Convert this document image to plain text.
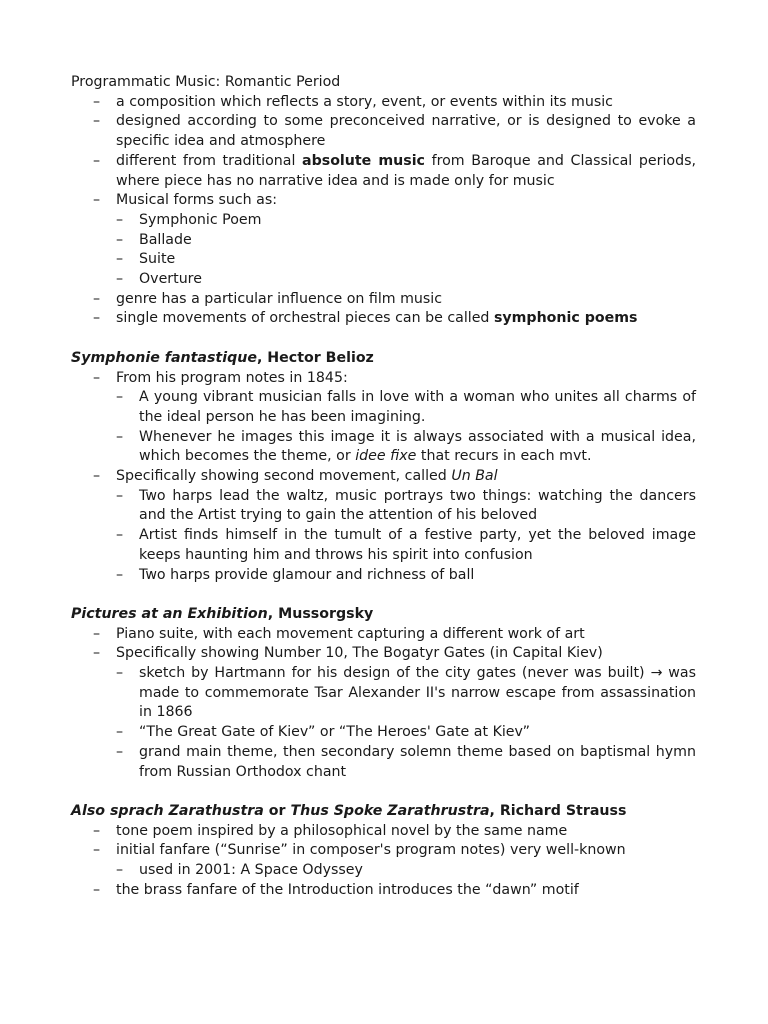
Programmatic Music: Romantic Period
– a composition which reflects a story, event, or events within its music
– designed according to some preconceived narrative, or is designed to evoke a specific idea and atmosphere
– different from traditional absolute music from Baroque and Classical periods, where piece has no narrative idea and is made only for music
– Musical forms such as:
– Symphonic Poem
– Ballade
– Suite
– Overture
– genre has a particular influence on film music
– single movements of orchestral pieces can be called symphonic poems
Symphonie fantastique, Hector Belioz
– From his program notes in 1845:
– A young vibrant musician falls in love with a woman who unites all charms of the ideal person he has been imagining.
– Whenever he images this image it is always associated with a musical idea, which becomes the theme, or idee fixe that recurs in each mvt.
– Specifically showing second movement, called Un Bal
– Two harps lead the waltz, music portrays two things: watching the dancers and the Artist trying to gain the attention of his beloved
– Artist finds himself in the tumult of a festive party, yet the beloved image keeps haunting him and throws his spirit into confusion
– Two harps provide glamour and richness of ball
Pictures at an Exhibition, Mussorgsky
– Piano suite, with each movement capturing a different work of art
– Specifically showing Number 10, The Bogatyr Gates (in Capital Kiev)
– sketch by Hartmann for his design of the city gates (never was built) → was made to commemorate Tsar Alexander II's narrow escape from assassination in 1866
– “The Great Gate of Kiev” or “The Heroes' Gate at Kiev”
– grand main theme, then secondary solemn theme based on baptismal hymn from Russian Orthodox chant
Also sprach Zarathustra or Thus Spoke Zarathrustra, Richard Strauss
– tone poem inspired by a philosophical novel by the same name
– initial fanfare (“Sunrise” in composer's program notes) very well-known
– used in 2001: A Space Odyssey
– the brass fanfare of the Introduction introduces the “dawn” motif
